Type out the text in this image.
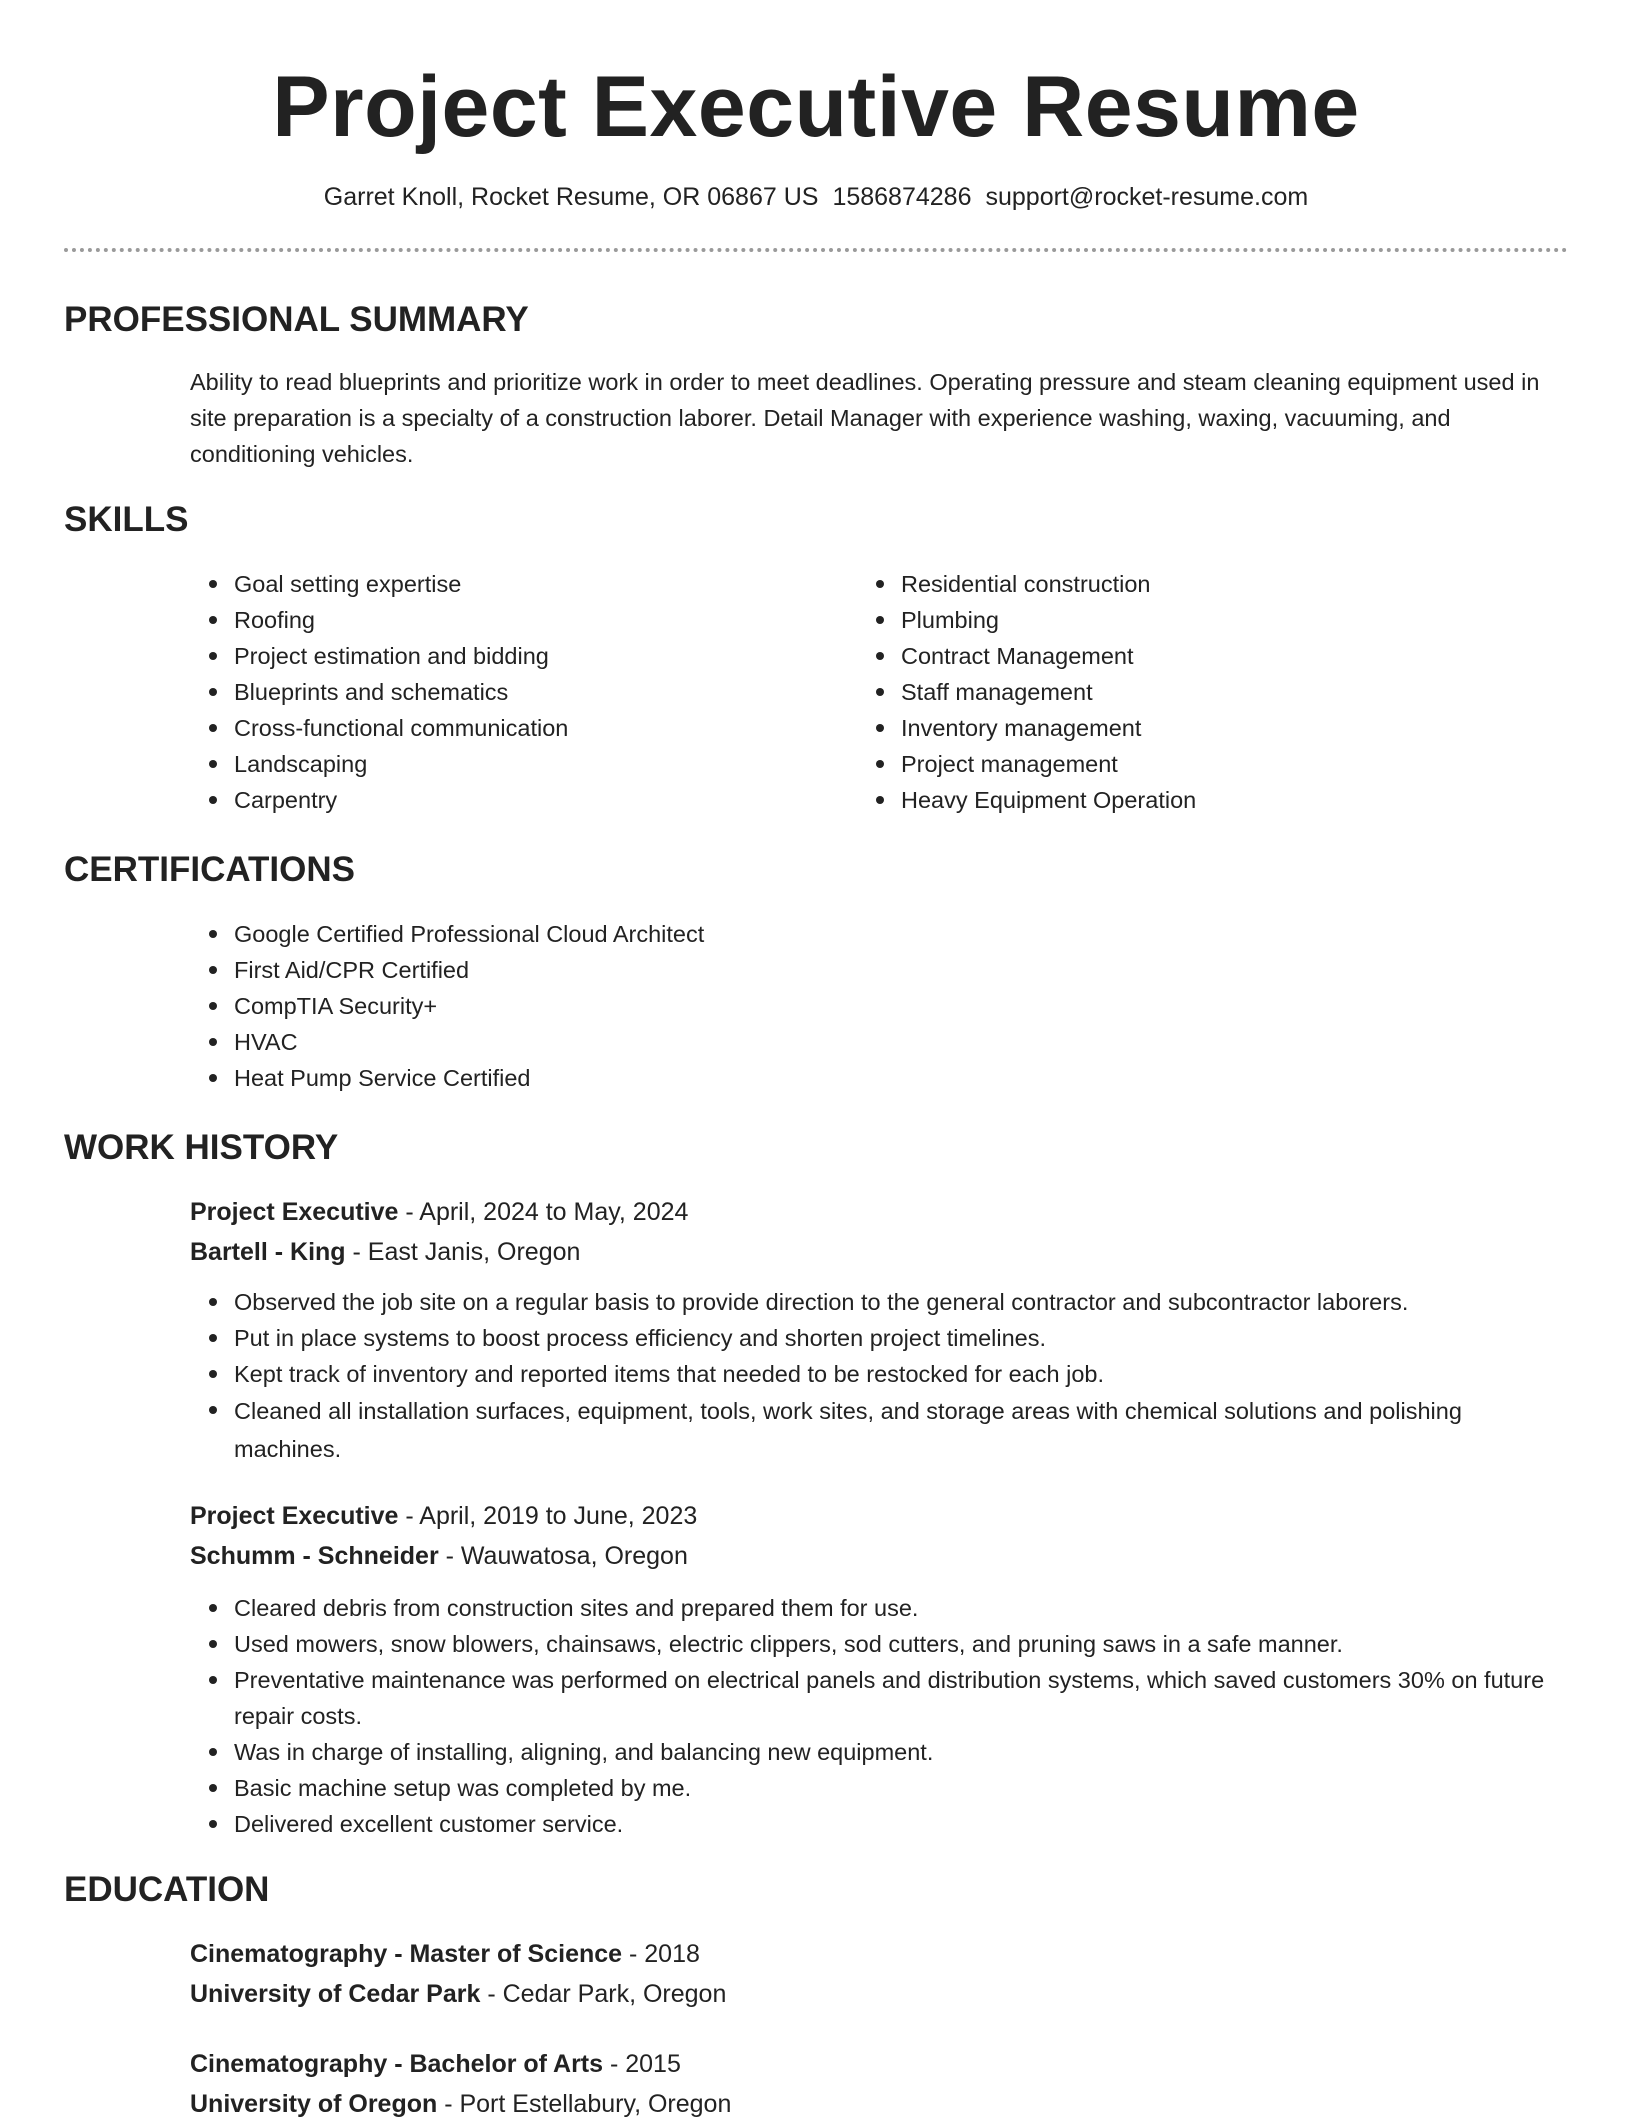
Project Executive Resume
Garret Knoll, Rocket Resume, OR 06867 US 1586874286 support@rocket-resume.com
PROFESSIONAL SUMMARY

Ability to read blueprints and prioritize work in order to meet deadlines. Operating pressure and steam cleaning equipment used in site preparation is a specialty of a construction laborer. Detail Manager with experience washing, waxing, vacuuming, and conditioning vehicles.

SKILLS
Goal setting expertise
Roofing
Project estimation and bidding
Blueprints and schematics
Cross-functional communication
Landscaping
Carpentry
Residential construction
Plumbing
Contract Management
Staff management
Inventory management
Project management
Heavy Equipment Operation
CERTIFICATIONS
Google Certified Professional Cloud Architect
First Aid/CPR Certified
CompTIA Security+
HVAC
Heat Pump Service Certified
WORK HISTORY
Project Executive - April, 2024 to May, 2024
Bartell - King - East Janis, Oregon
Observed the job site on a regular basis to provide direction to the general contractor and subcontractor laborers.
Put in place systems to boost process efficiency and shorten project timelines.
Kept track of inventory and reported items that needed to be restocked for each job.
Cleaned all installation surfaces, equipment, tools, work sites, and storage areas with chemical solutions and polishing machines.
Project Executive - April, 2019 to June, 2023
Schumm - Schneider - Wauwatosa, Oregon
Cleared debris from construction sites and prepared them for use.
Used mowers, snow blowers, chainsaws, electric clippers, sod cutters, and pruning saws in a safe manner.
Preventative maintenance was performed on electrical panels and distribution systems, which saved customers 30% on future repair costs.
Was in charge of installing, aligning, and balancing new equipment.
Basic machine setup was completed by me.
Delivered excellent customer service.
EDUCATION
Cinematography - Master of Science - 2018
University of Cedar Park - Cedar Park, Oregon
Cinematography - Bachelor of Arts - 2015
University of Oregon - Port Estellabury, Oregon
